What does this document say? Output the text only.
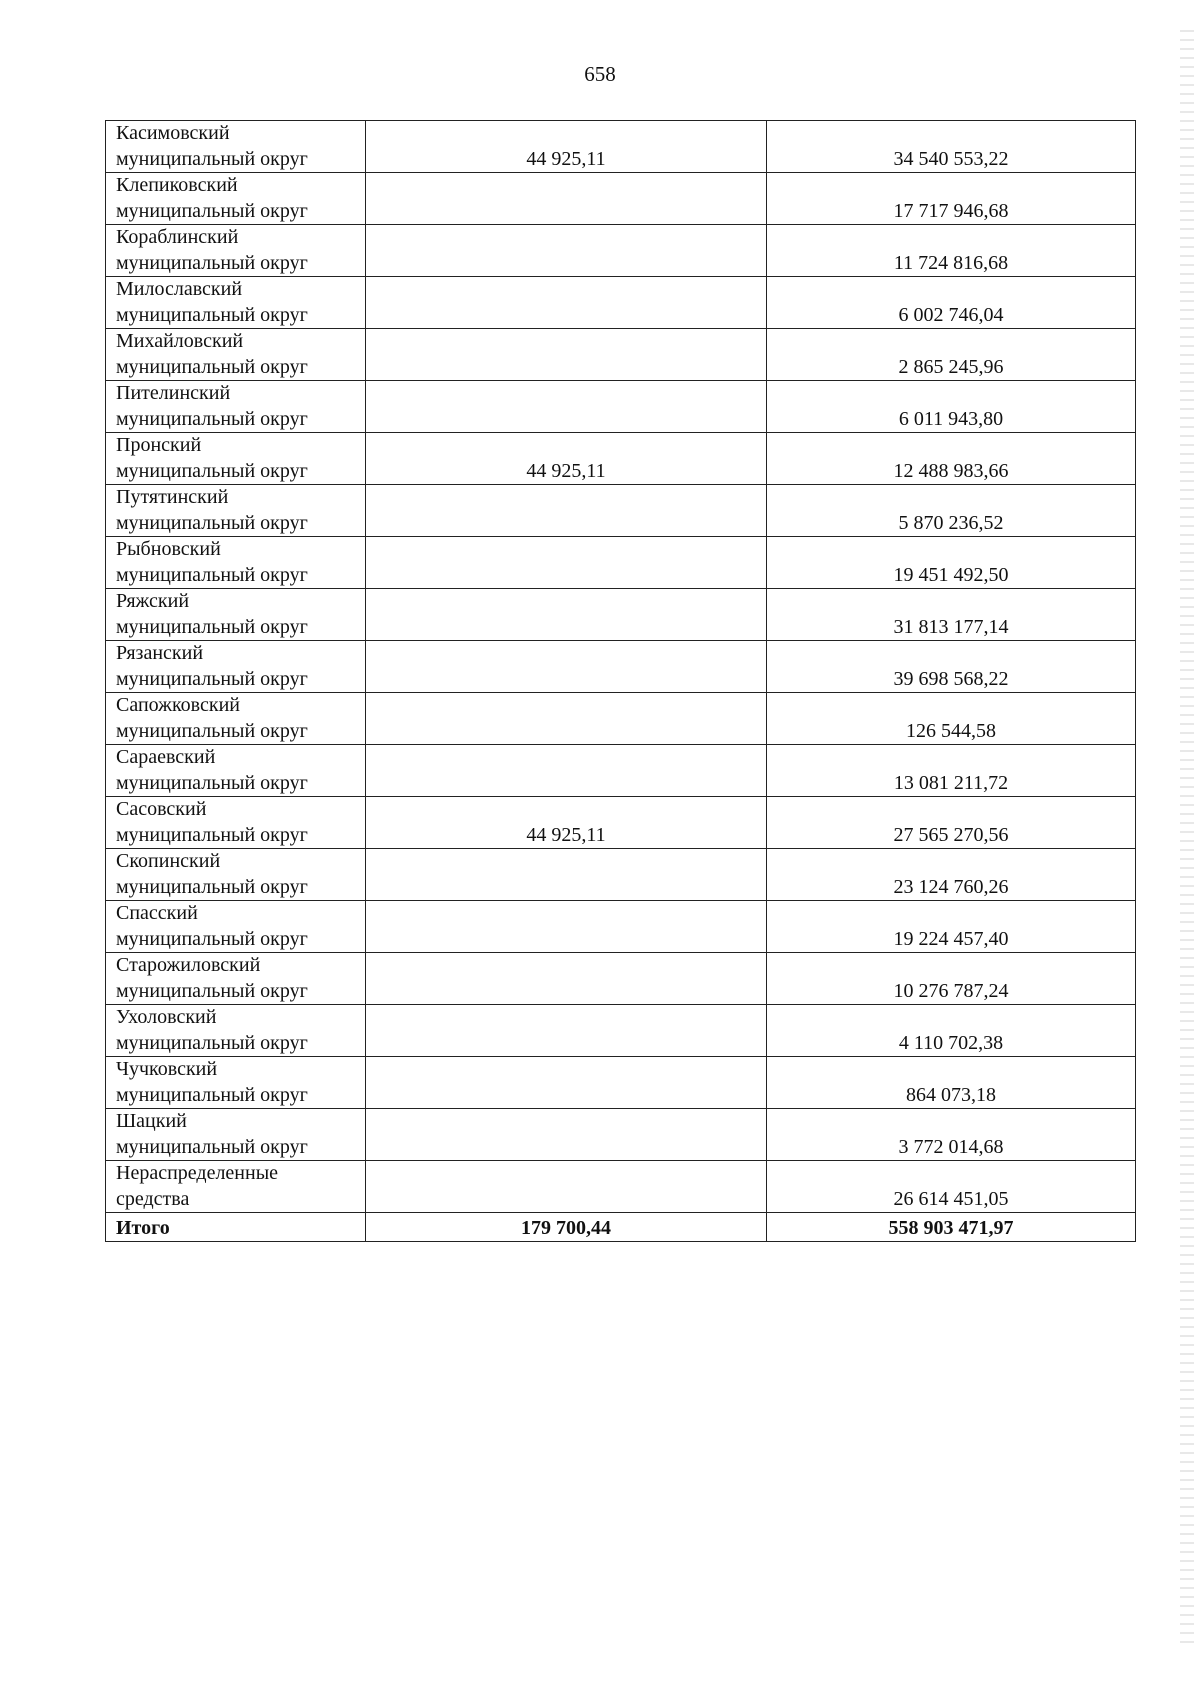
658
Касимовский
муниципальный округ	44 925,11	34 540 553,22

Клепиковский
муниципальный округ		17 717 946,68

Кораблинский
муниципальный округ		11 724 816,68

Милославский
муниципальный округ		6 002 746,04

Михайловский
муниципальный округ		2 865 245,96

Пителинский
муниципальный округ		6 011 943,80

Пронский
муниципальный округ	44 925,11	12 488 983,66

Путятинский
муниципальный округ		5 870 236,52

Рыбновский
муниципальный округ		19 451 492,50

Ряжский
муниципальный округ		31 813 177,14

Рязанский
муниципальный округ		39 698 568,22

Сапожковский
муниципальный округ		126 544,58

Сараевский
муниципальный округ		13 081 211,72

Сасовский
муниципальный округ	44 925,11	27 565 270,56

Скопинский
муниципальный округ		23 124 760,26

Спасский
муниципальный округ		19 224 457,40

Старожиловский
муниципальный округ		10 276 787,24

Ухоловский
муниципальный округ		4 110 702,38

Чучковский
муниципальный округ		864 073,18

Шацкий
муниципальный округ		3 772 014,68

Нераспределенные
средства		26 614 451,05
Итого	179 700,44	558 903 471,97
